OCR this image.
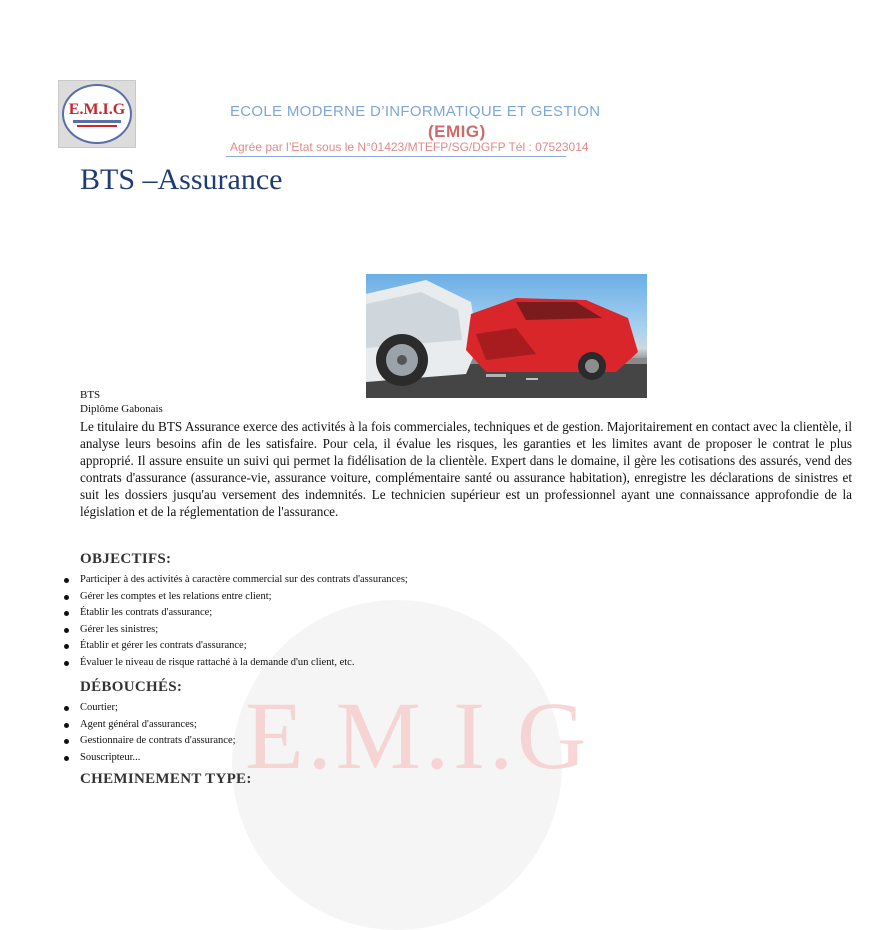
E.M.I.G
E.M.I.G	ECOLE MODERNE D’INFORMATIQUE ET GESTION
(EMIG)
Agrée par l’Etat sous le N°01423/MTEFP/SG/DGFP Tél : 07523014
BTS –Assurance
BTS
Diplôme Gabonais
Le titulaire du BTS Assurance exerce des activités à la fois commerciales, techniques et de gestion. Majoritairement en contact avec la clientèle, il analyse leurs besoins afin de les satisfaire. Pour cela, il évalue les risques, les garanties et les limites avant de proposer le contrat le plus approprié. Il assure ensuite un suivi qui permet la fidélisation de la clientèle. Expert dans le domaine, il gère les cotisations des assurés, vend des contrats d'assurance (assurance-vie, assurance voiture, complémentaire santé ou assurance habitation), enregistre les déclarations de sinistres et suit les dossiers jusqu'au versement des indemnités. Le technicien supérieur est un professionnel ayant une connaissance approfondie de la législation et de la réglementation de l'assurance.
OBJECTIFS:
Participer à des activités à caractère commercial sur des contrats d'assurances;
Gérer les comptes et les relations entre client;
Établir les contrats d'assurance;
Gérer les sinistres;
Établir et gérer les contrats d'assurance;
Évaluer le niveau de risque rattaché à la demande d'un client, etc.
DÉBOUCHÉS:
Courtier;
Agent général d'assurances;
Gestionnaire de contrats d'assurance;
Souscripteur...
CHEMINEMENT TYPE:
